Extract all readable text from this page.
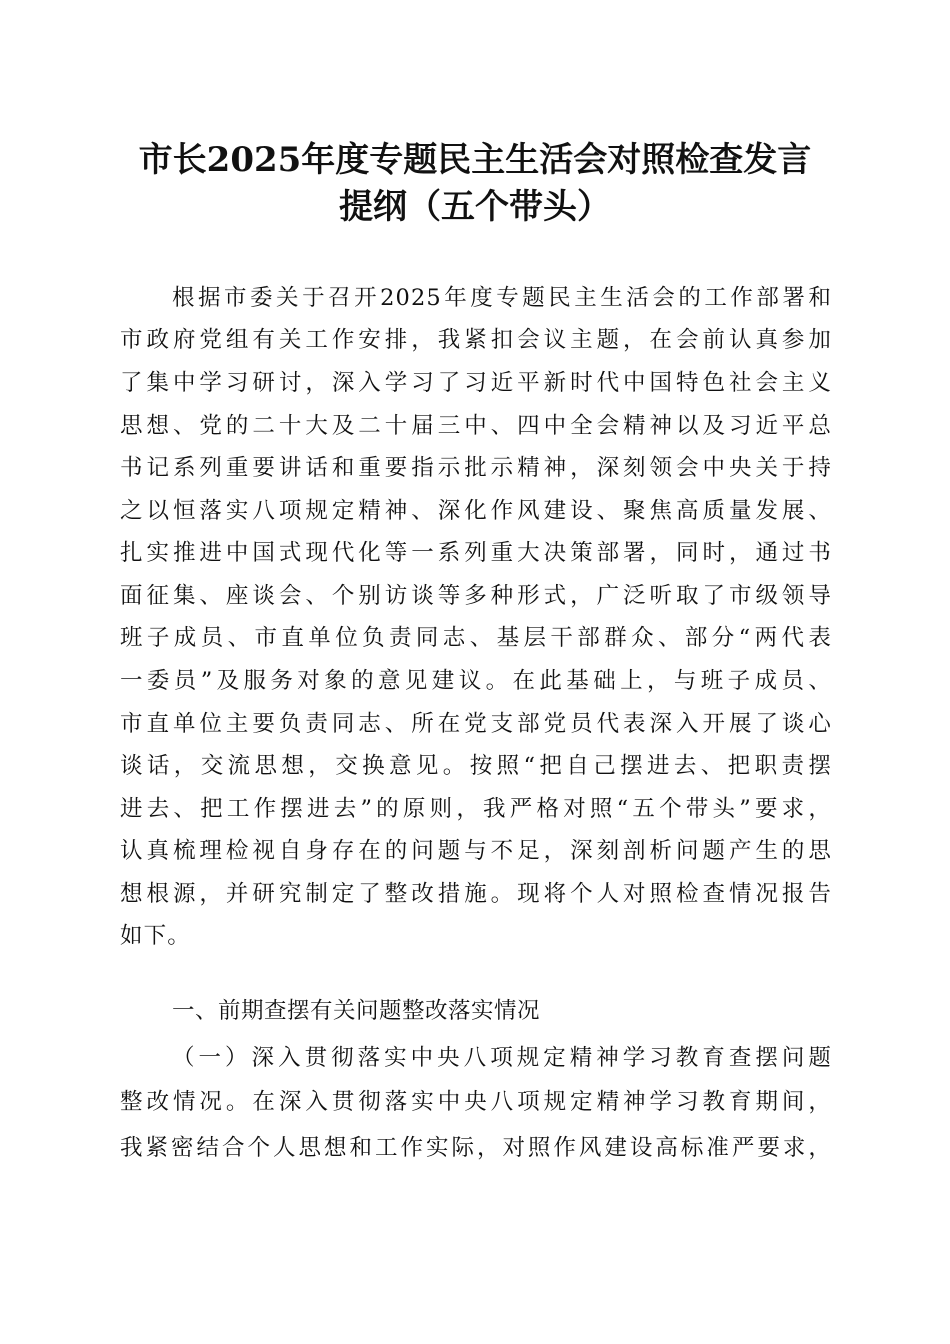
市长2025年度专题民主生活会对照检查发言
提纲（五个带头）
根据市委关于召开2025年度专题民主生活会的工作部署和
市政府党组有关工作安排，我紧扣会议主题，在会前认真参加
了集中学习研讨，深入学习了习近平新时代中国特色社会主义
思想、党的二十大及二十届三中、四中全会精神以及习近平总
书记系列重要讲话和重要指示批示精神，深刻领会中央关于持
之以恒落实八项规定精神、深化作风建设、聚焦高质量发展、
扎实推进中国式现代化等一系列重大决策部署，同时，通过书
面征集、座谈会、个别访谈等多种形式，广泛听取了市级领导
班子成员、市直单位负责同志、基层干部群众、部分“两代表
一委员”及服务对象的意见建议。在此基础上，与班子成员、
市直单位主要负责同志、所在党支部党员代表深入开展了谈心
谈话，交流思想，交换意见。按照“把自己摆进去、把职责摆
进去、把工作摆进去”的原则，我严格对照“五个带头”要求，
认真梳理检视自身存在的问题与不足，深刻剖析问题产生的思
想根源，并研究制定了整改措施。现将个人对照检查情况报告
如下。
一、前期查摆有关问题整改落实情况
（一）深入贯彻落实中央八项规定精神学习教育查摆问题
整改情况。在深入贯彻落实中央八项规定精神学习教育期间，
我紧密结合个人思想和工作实际，对照作风建设高标准严要求，
